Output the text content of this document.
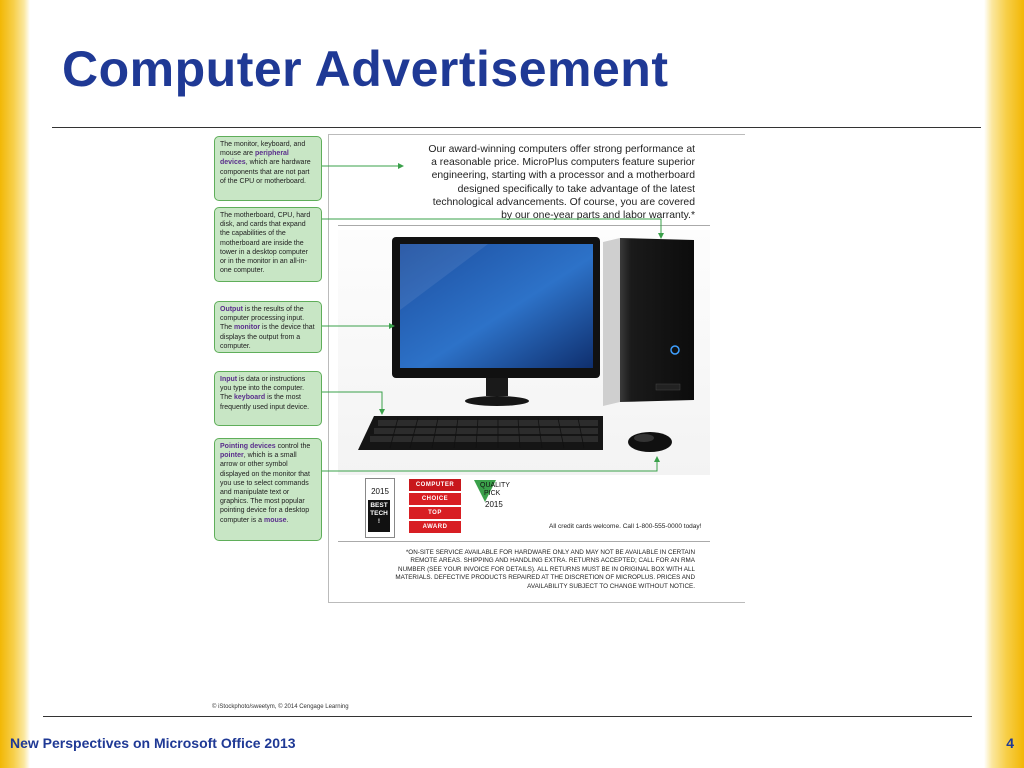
Computer Advertisement
The monitor, keyboard, and mouse are peripheral devices, which are hardware components that are not part of the CPU or motherboard.
The motherboard, CPU, hard disk, and cards that expand the capabilities of the motherboard are inside the tower in a desktop computer or in the monitor in an all-in-one computer.
Output is the results of the computer processing input. The monitor is the device that displays the output from a computer.
Input is data or instructions you type into the computer. The keyboard is the most frequently used input device.
Pointing devices control the pointer, which is a small arrow or other symbol displayed on the monitor that you use to select commands and manipulate text or graphics. The most popular pointing device for a desktop computer is a mouse.
Our award-winning computers offer strong performance at
a reasonable price. MicroPlus computers feature superior
engineering, starting with a processor and a motherboard
designed specifically to take advantage of the latest
technological advancements. Of course, you are covered
by our one-year parts and labor warranty.*
2015
BEST
TECH
!
COMPUTER
CHOICE
TOP
AWARD
QUALITY
PICK
2015
All credit cards welcome. Call 1-800-555-0000 today!
*ON-SITE SERVICE AVAILABLE FOR HARDWARE ONLY AND MAY NOT BE AVAILABLE IN CERTAIN
REMOTE AREAS. SHIPPING AND HANDLING EXTRA. RETURNS ACCEPTED; CALL FOR AN RMA
NUMBER (SEE YOUR INVOICE FOR DETAILS). ALL RETURNS MUST BE IN ORIGINAL BOX WITH ALL
MATERIALS. DEFECTIVE PRODUCTS REPAIRED AT THE DISCRETION OF MICROPLUS. PRICES AND
AVAILABILITY SUBJECT TO CHANGE WITHOUT NOTICE.
© iStockphoto/sweetym, © 2014 Cengage Learning
New Perspectives on Microsoft Office 2013	4
